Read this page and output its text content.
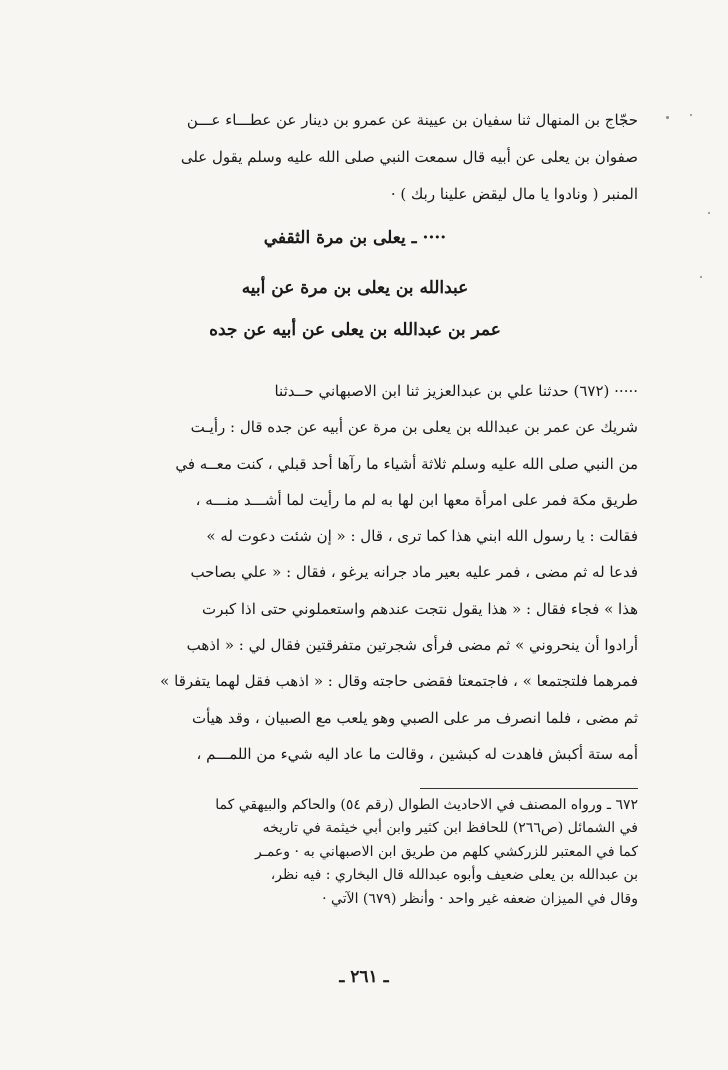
حجّاج بن المنهال ثنا سفيان بن عيينة عن عمرو بن دينار عن عطـــاء عـــن
صفوان بن يعلى عن أبيه قال سمعت النبي صلى الله عليه وسلم يقول على
المنبر ( ونادوا يا مال ليقض علينا ربك ) ·
···· ـ يعلى بن مرة الثقفي
عبدالله بن يعلى بن مرة عن أبيه
عمر بن عبدالله بن يعلى عن أبيه عن جده
····· (٦٧٢) حدثنا علي بن عبدالعزيز ثنا ابن الاصبهاني حــدثنا
شريك عن عمر بن عبدالله بن يعلى بن مرة عن أبيه عن جده قال : رأيـت
من النبي صلى الله عليه وسلم ثلاثة أشياء ما رآها أحد قبلي ، كنت معــه في
طريق مكة فمر على امرأة معها ابن لها به لم ما رأيت لما أشـــد منـــه ،
فقالت : يا رسول الله ابني هذا كما ترى ، قال : « إن شئت دعوت له »
فدعا له ثم مضى ، فمر عليه بعير ماد جرانه يرغو ، فقال : « علي بصاحب
هذا » فجاء فقال : « هذا يقول نتجت عندهم واستعملوني حتى اذا كبرت
أرادوا أن ينحروني » ثم مضى فرأى شجرتين متفرقتين فقال لي : « اذهب
فمرهما فلتجتمعا » ، فاجتمعتا فقضى حاجته وقال : « اذهب فقل لهما يتفرقا »
ثم مضى ، فلما انصرف مر على الصبي وهو يلعب مع الصبيان ، وقد هيأت
أمه ستة أكبش فاهدت له كبشين ، وقالت ما عاد اليه شيء من اللمـــم ،
٦٧٢ ـ ورواه المصنف في الاحاديث الطوال (رقم ٥٤) والحاكم والبيهقي كما
في الشمائل (ص٢٦٦) للحافظ ابن كثير وابن أبي خيثمة في تاريخه
كما في المعتبر للزركشي كلهم من طريق ابن الاصبهاني به · وعمـر
بن عبدالله بن يعلى ضعيف وأبوه عبدالله قال البخاري : فيه نظر،
وقال في الميزان ضعفه غير واحد · وأنظر (٦٧٩) الآتي ·
ـ ٢٦١ ـ
